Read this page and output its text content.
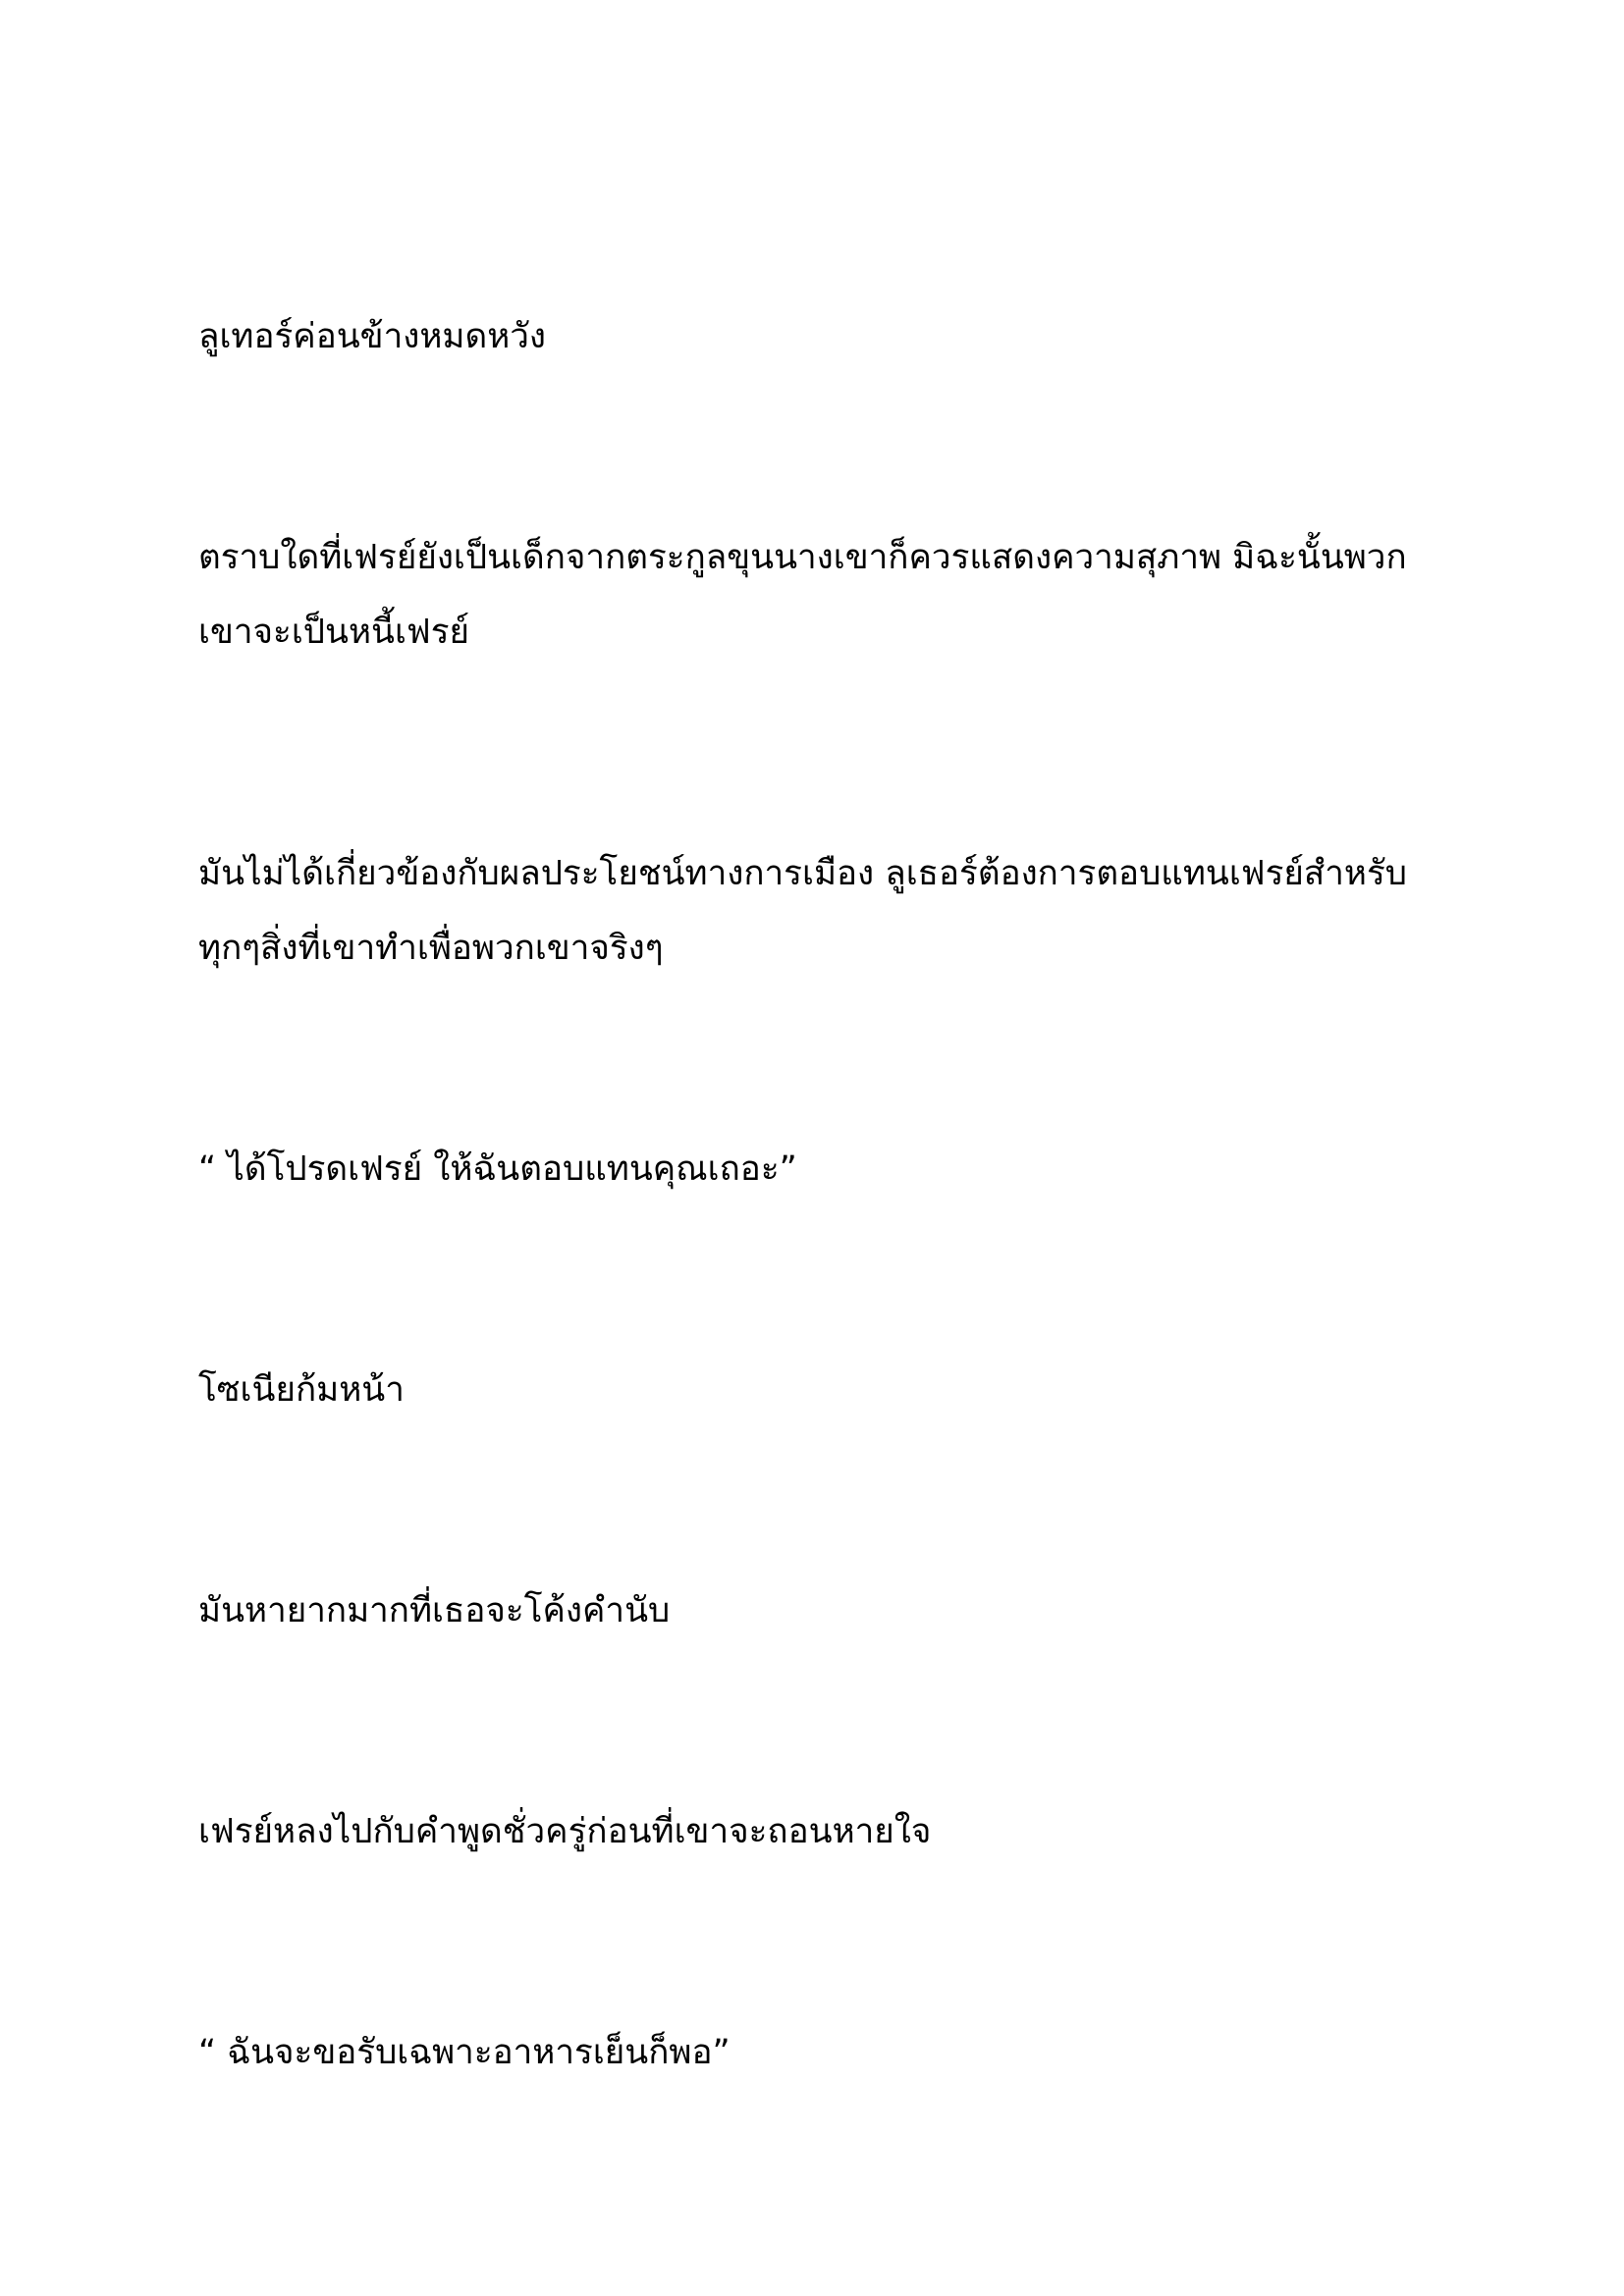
ลูเทอร์ค่อนข้างหมดหวัง

ตราบใดที่เฟรย์ยังเป็นเด็กจากตระกูลขุนนางเขาก็ควรแสดงความสุภาพ มิฉะนั้นพวก
เขาจะเป็นหนี้เฟรย์

มันไม่ได้เกี่ยวข้องกับผลประโยชน์ทางการเมือง ลูเธอร์ต้องการตอบแทนเฟรย์สำหรับ
ทุกๆสิ่งที่เขาทำเพื่อพวกเขาจริงๆ

“ ได้โปรดเฟรย์ ให้ฉันตอบแทนคุณเถอะ”

โซเนียก้มหน้า

มันหายากมากที่เธอจะโค้งคำนับ

เฟรย์หลงไปกับคำพูดชั่วครู่ก่อนที่เขาจะถอนหายใจ

“ ฉันจะขอรับเฉพาะอาหารเย็นก็พอ”
